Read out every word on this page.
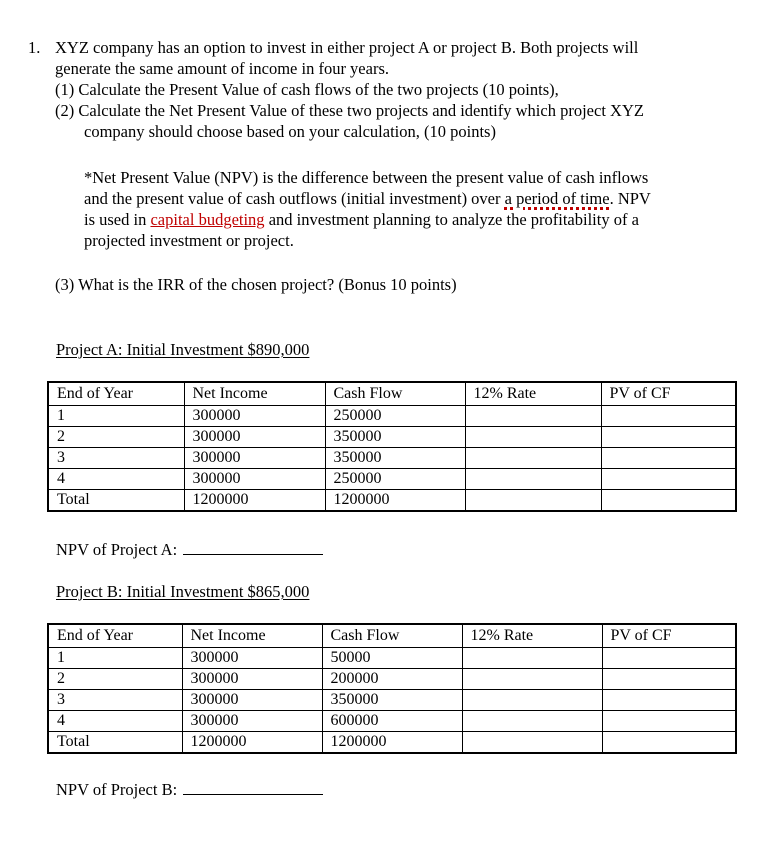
1. XYZ company has an option to invest in either project A or project B. Both projects will
generate the same amount of income in four years.
(1) Calculate the Present Value of cash flows of the two projects (10 points),
(2) Calculate the Net Present Value of these two projects and identify which project XYZ
company should choose based on your calculation, (10 points)
*Net Present Value (NPV) is the difference between the present value of cash inflows
and the present value of cash outflows (initial investment) over a period of time. NPV
is used in capital budgeting and investment planning to analyze the profitability of a
projected investment or project.
(3) What is the IRR of the chosen project? (Bonus 10 points)
Project A: Initial Investment $890,000
End of Year	Net Income	Cash Flow	12% Rate	PV of CF
1	300000	250000		
2	300000	350000		
3	300000	350000		
4	300000	250000		
Total	1200000	1200000		
NPV of Project A:
Project B: Initial Investment $865,000
End of Year	Net Income	Cash Flow	12% Rate	PV of CF
1	300000	50000		
2	300000	200000		
3	300000	350000		
4	300000	600000		
Total	1200000	1200000		
NPV of Project B:
